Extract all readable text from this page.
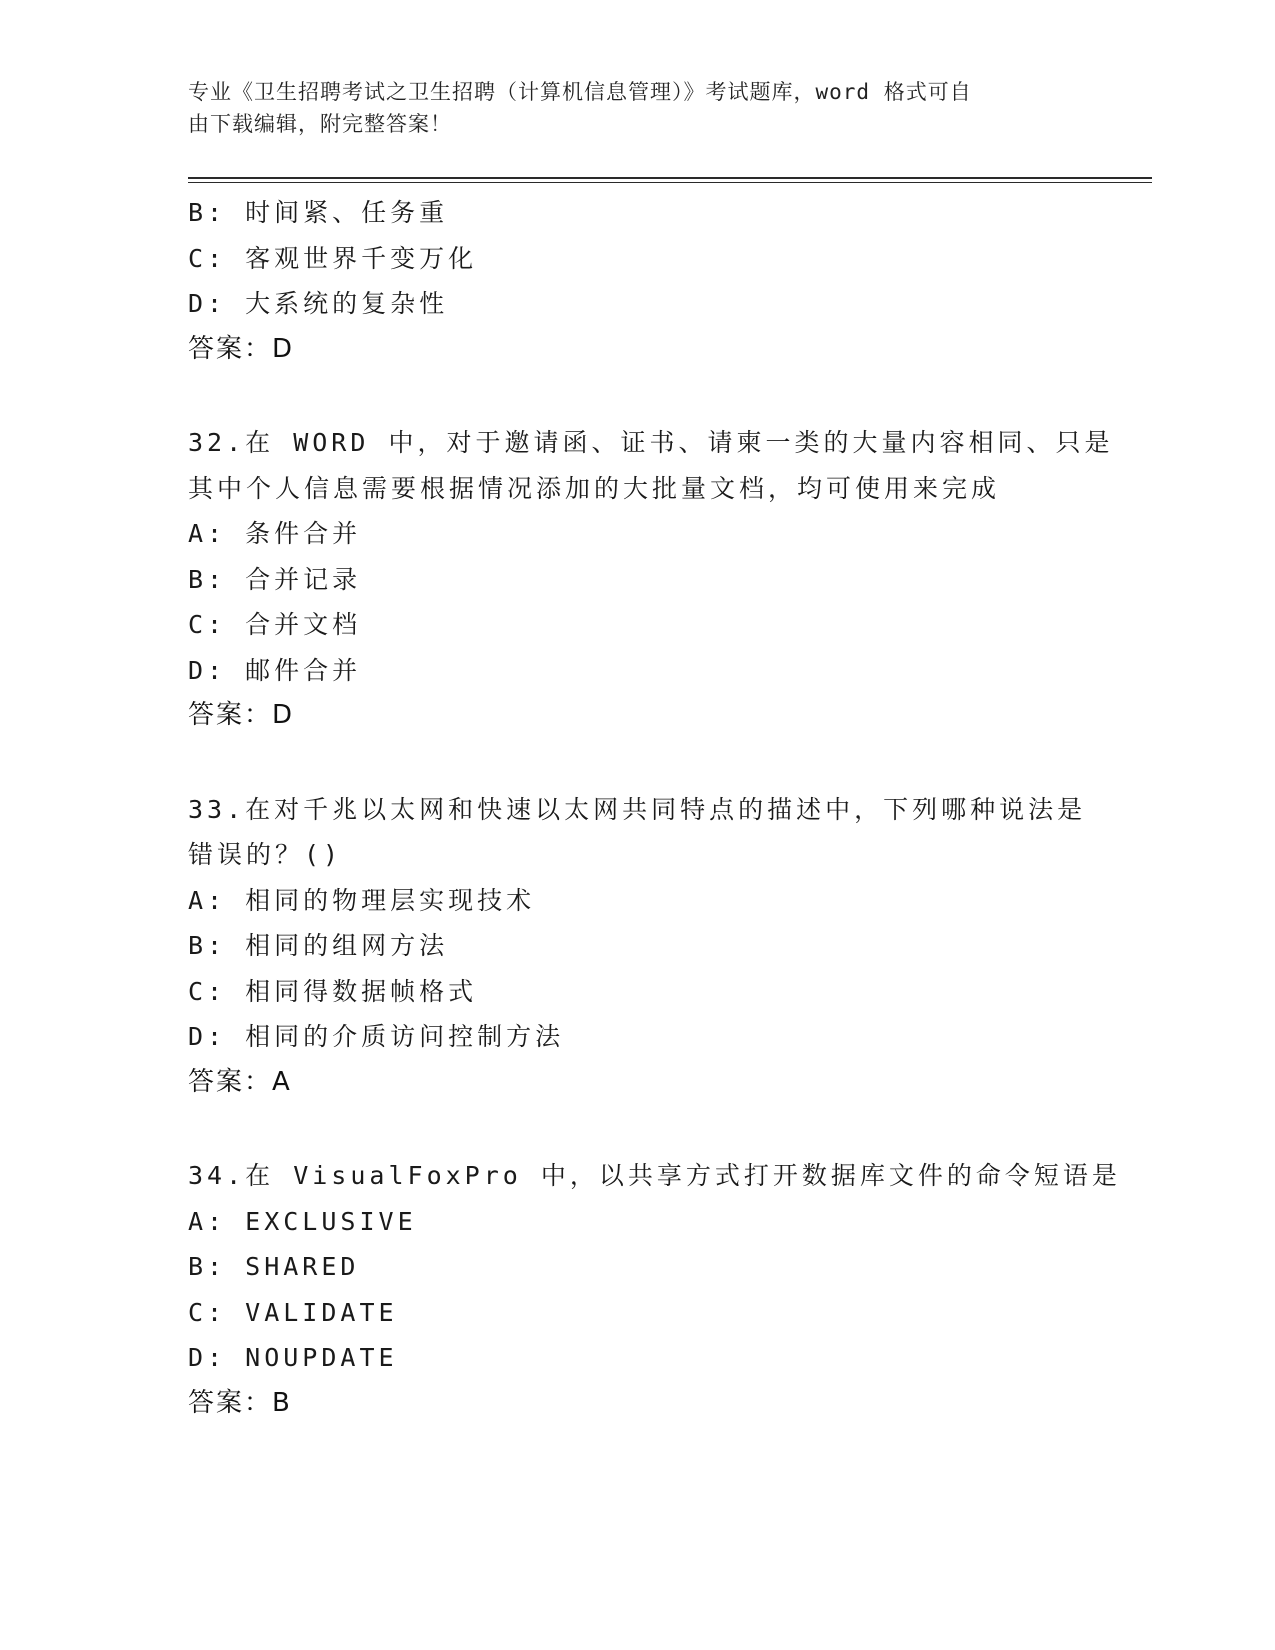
专业《卫生招聘考试之卫生招聘（计算机信息管理）》考试题库，word 格式可自
由下载编辑，附完整答案！
B: 时间紧、任务重
C: 客观世界千变万化
D: 大系统的复杂性
答案：D
32.在 WORD 中，对于邀请函、证书、请柬一类的大量内容相同、只是
其中个人信息需要根据情况添加的大批量文档，均可使用来完成
A: 条件合并
B: 合并记录
C: 合并文档
D: 邮件合并
答案：D
33.在对千兆以太网和快速以太网共同特点的描述中，下列哪种说法是
错误的？()
A: 相同的物理层实现技术
B: 相同的组网方法
C: 相同得数据帧格式
D: 相同的介质访问控制方法
答案：A
34.在 VisualFoxPro 中，以共享方式打开数据库文件的命令短语是
A: EXCLUSIVE
B: SHARED
C: VALIDATE
D: NOUPDATE
答案：B
